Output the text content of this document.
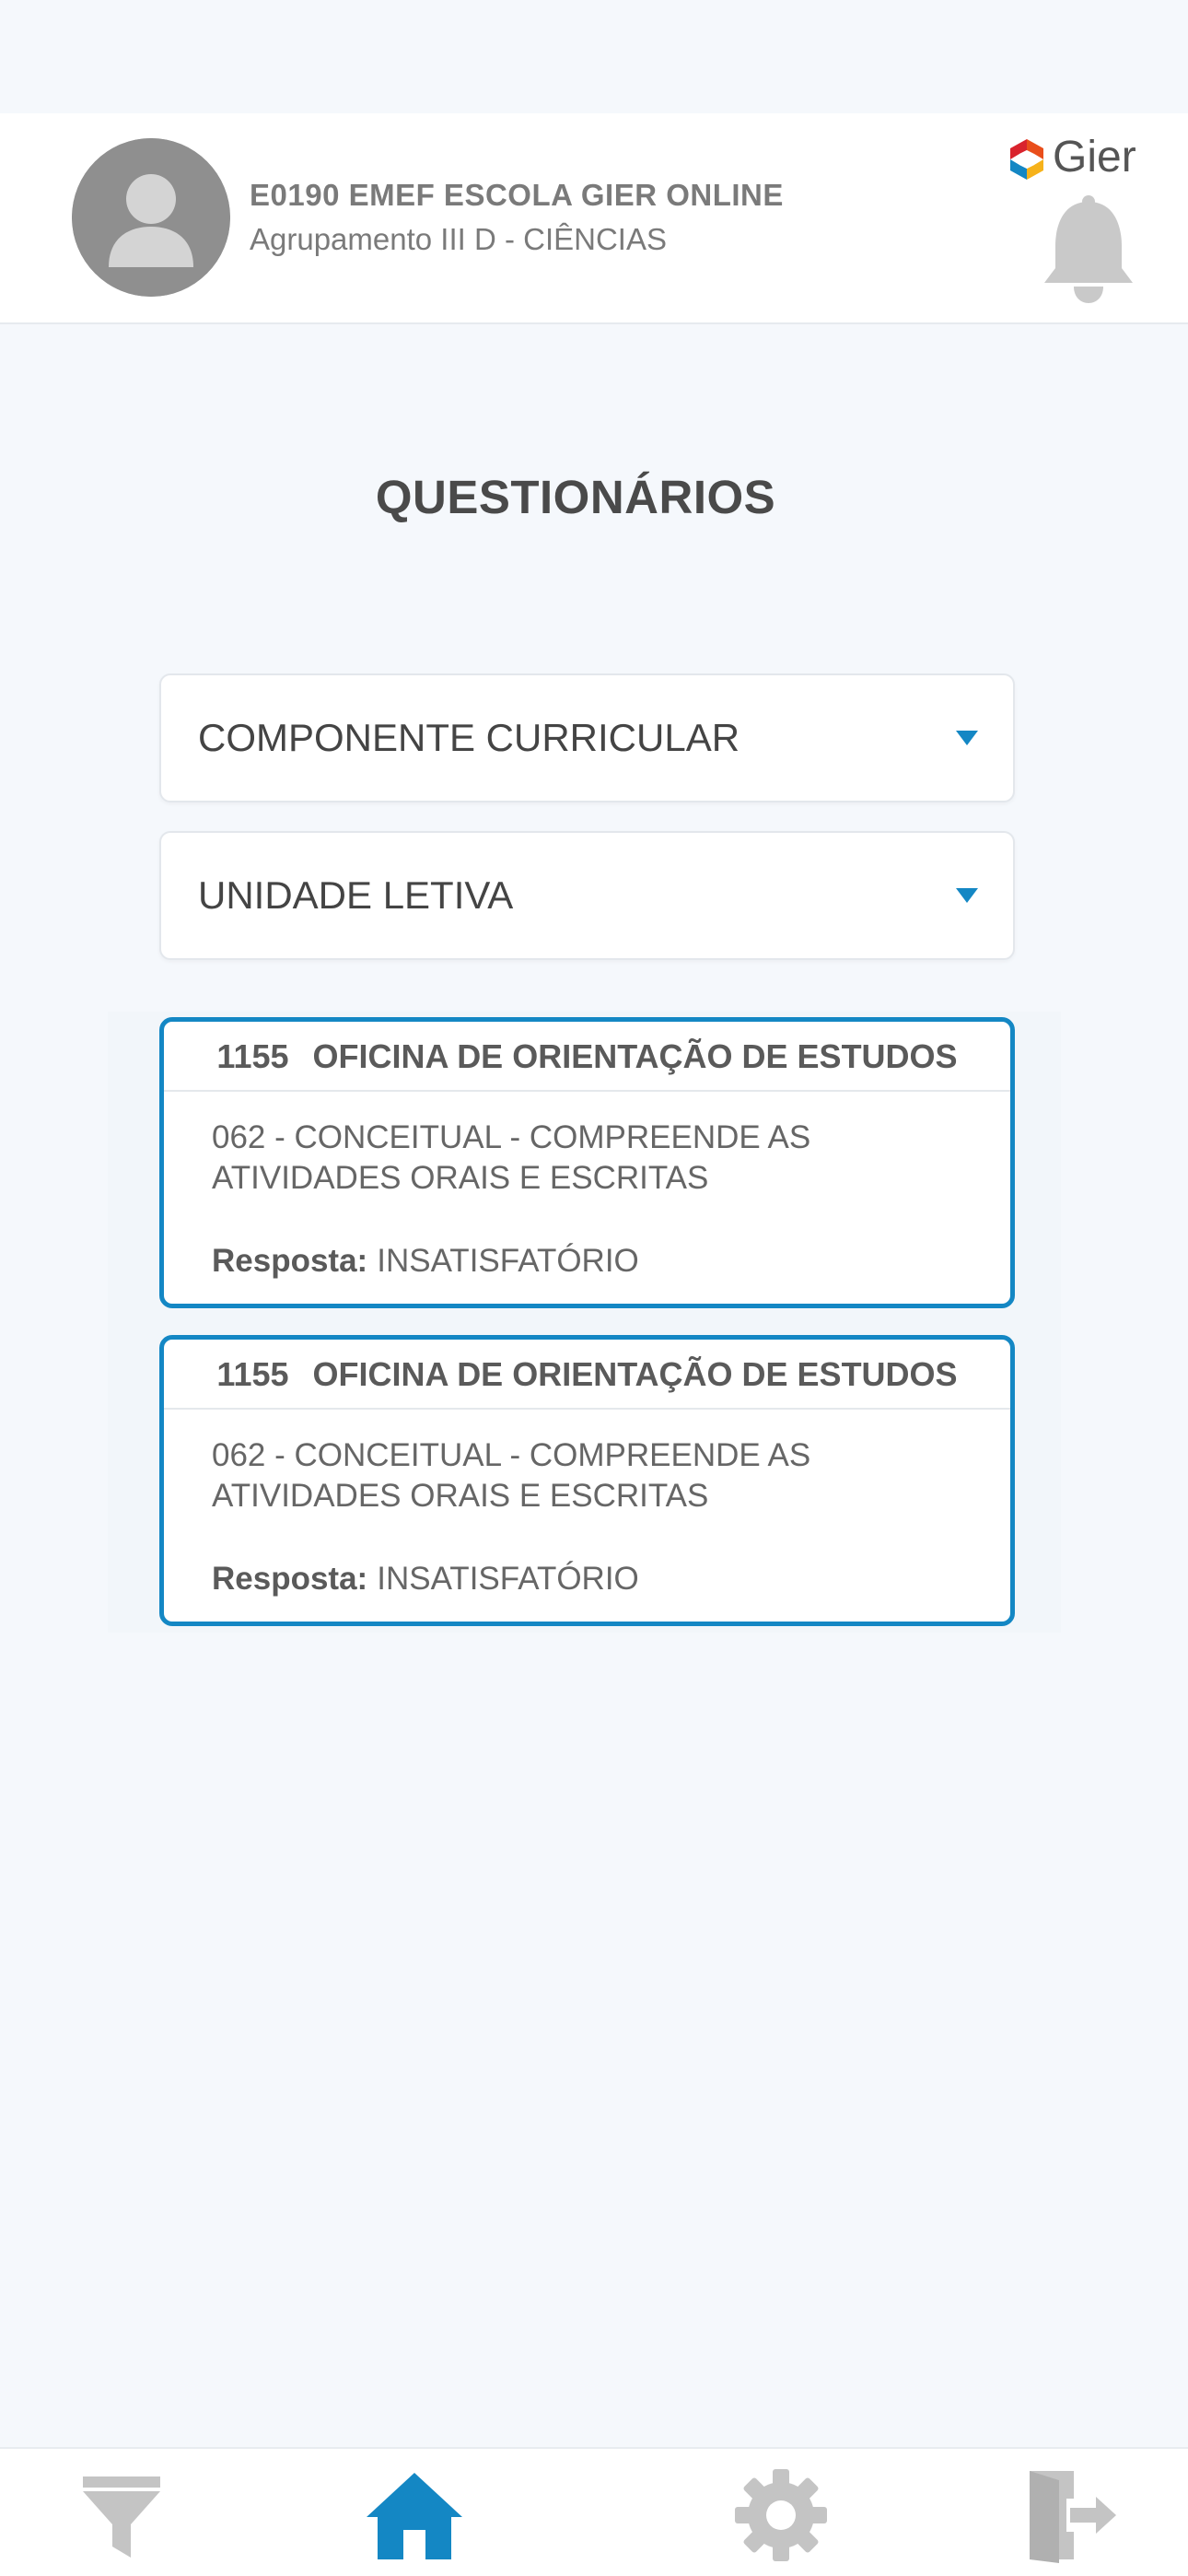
E0190 EMEF ESCOLA GIER ONLINE
Agrupamento III D - CIÊNCIAS
Gier
QUESTIONÁRIOS
COMPONENTE CURRICULAR
UNIDADE LETIVA
1155 OFICINA DE ORIENTAÇÃO DE ESTUDOS
062 - CONCEITUAL - COMPREENDE AS ATIVIDADES ORAIS E ESCRITAS
Resposta: INSATISFATÓRIO
1155 OFICINA DE ORIENTAÇÃO DE ESTUDOS
062 - CONCEITUAL - COMPREENDE AS ATIVIDADES ORAIS E ESCRITAS
Resposta: INSATISFATÓRIO
